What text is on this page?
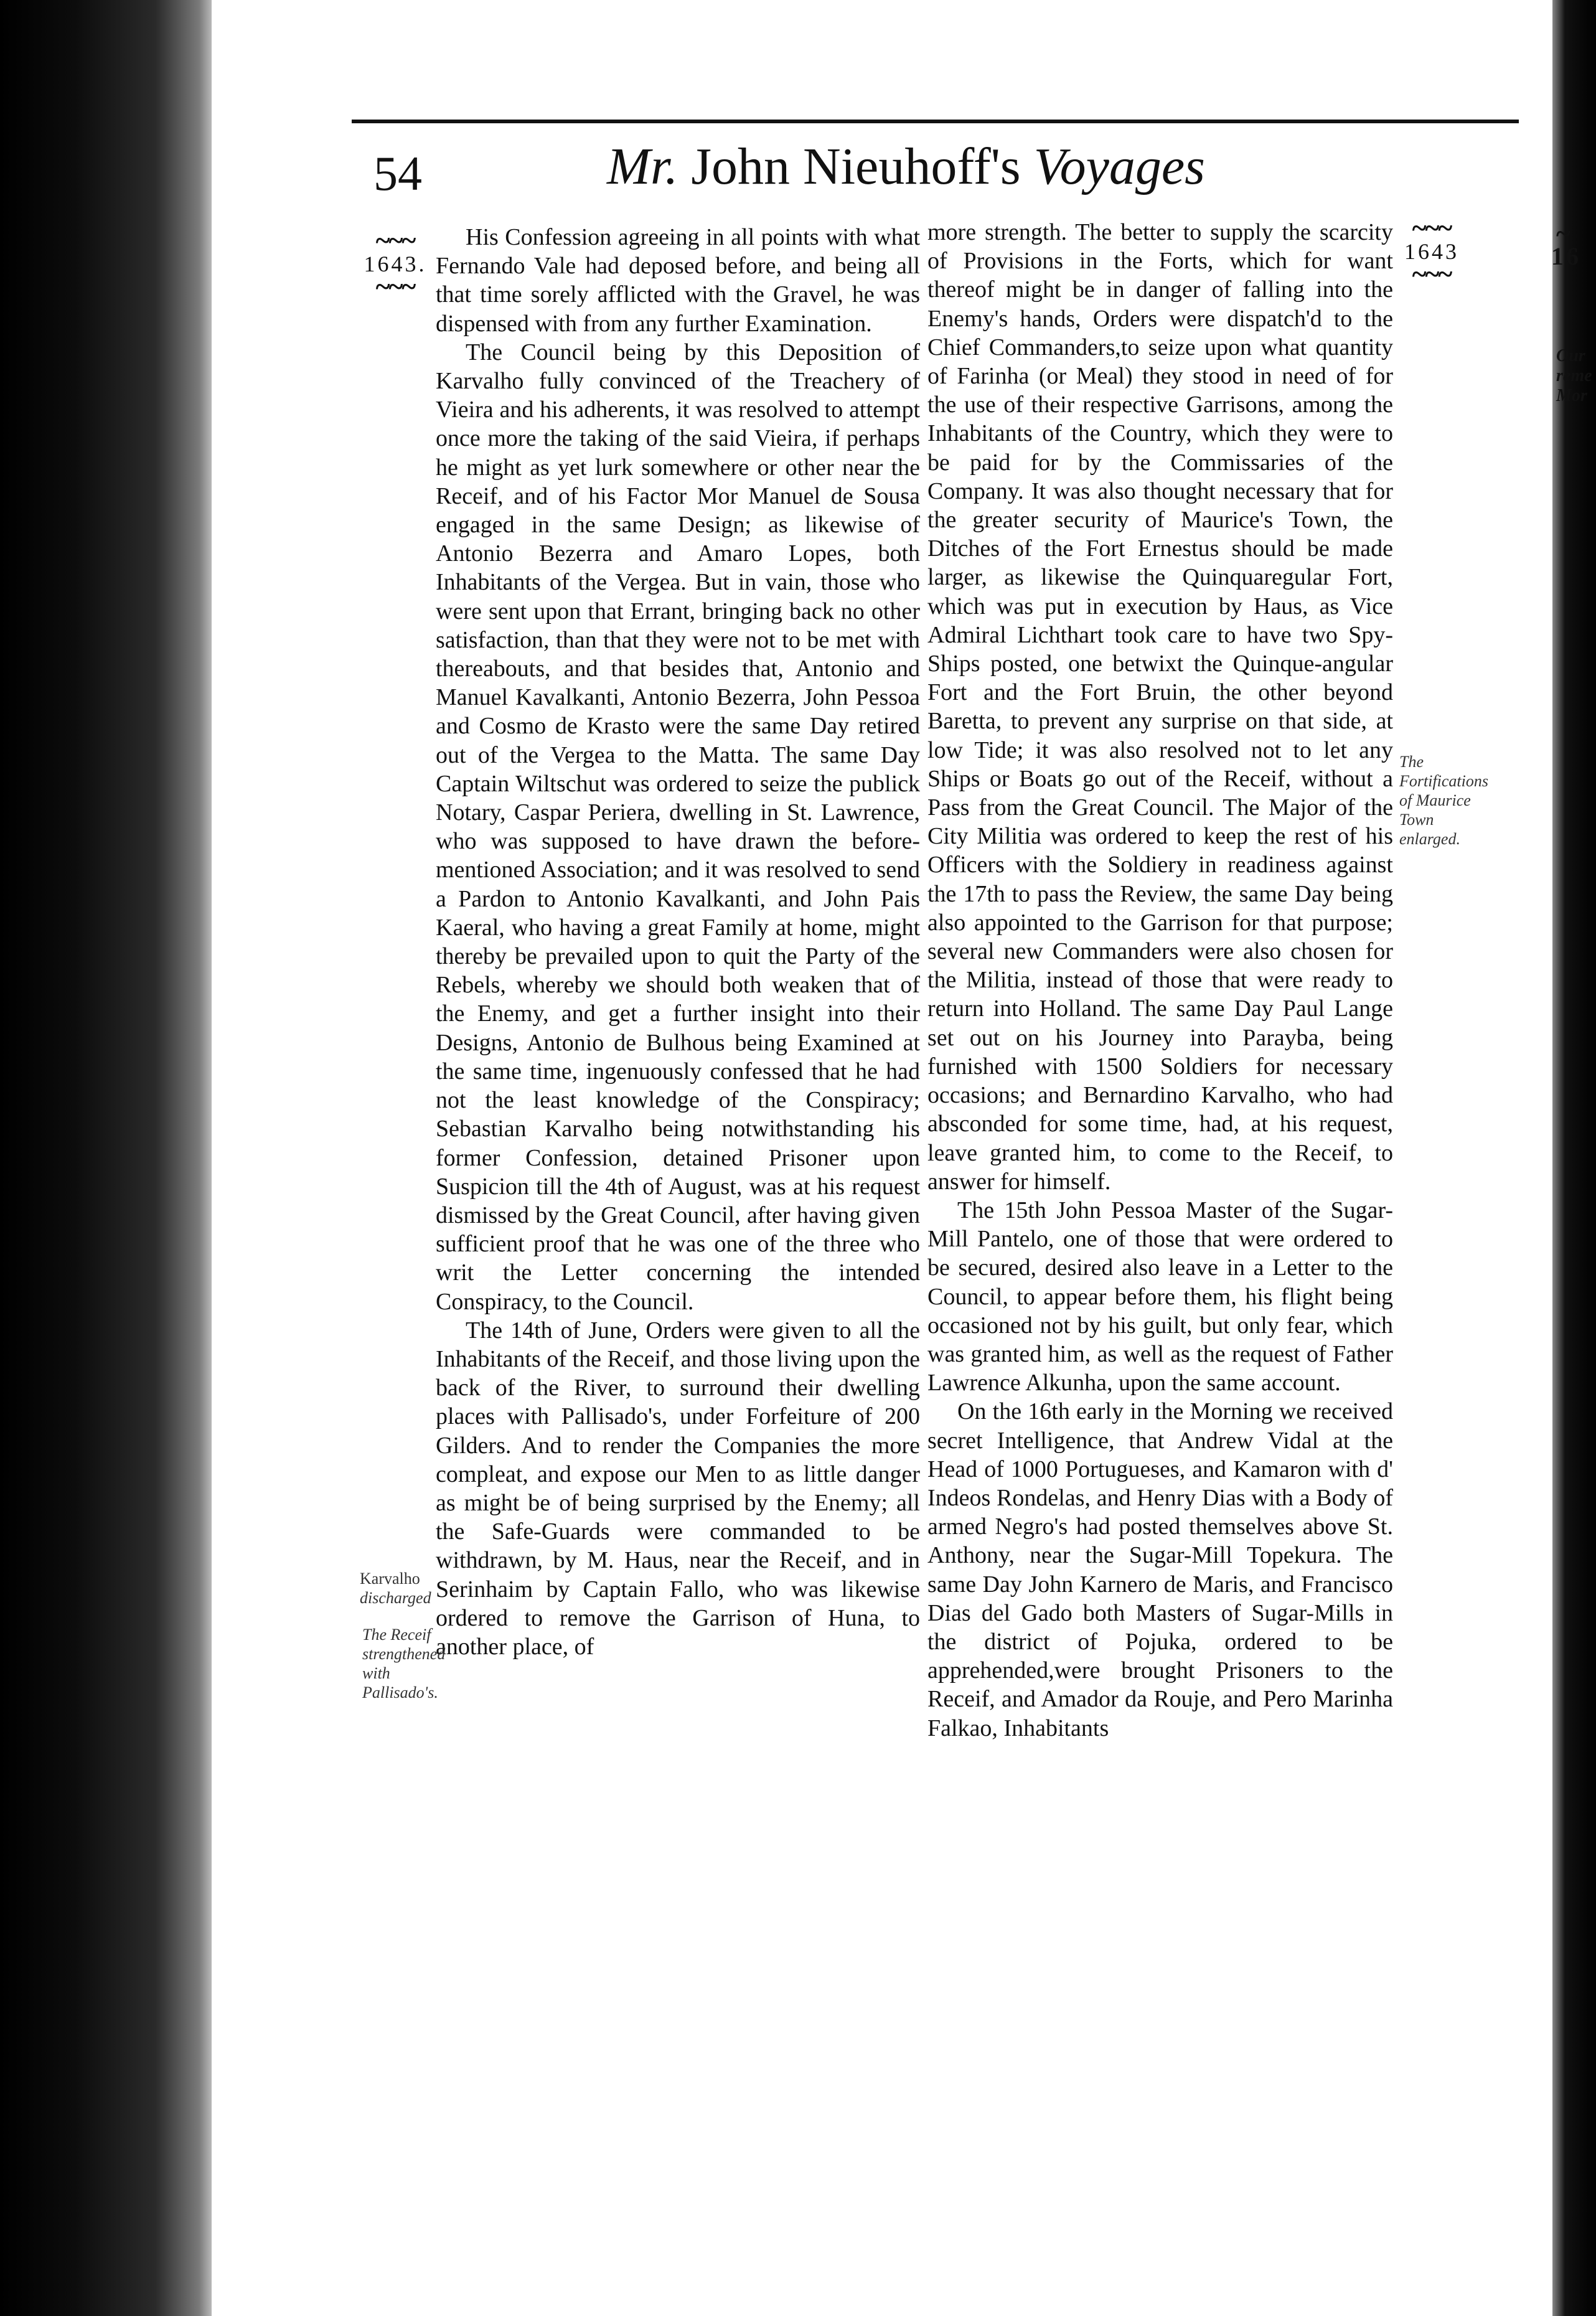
54	Mr. John Nieuhoff's Voyages
~~~
1643.
~~~
~~~
1643
~~~

His Confession agreeing in all points with what Fernando Vale had deposed before, and being all that time sorely afflicted with the Gravel, he was dispensed with from any further Examination.

The Council being by this Deposition of Karvalho fully convinced of the Treachery of Vieira and his adherents, it was resolved to attempt once more the taking of the said Vieira, if perhaps he might as yet lurk somewhere or other near the Receif, and of his Factor Mor Manuel de Sousa engaged in the same Design; as likewise of Antonio Bezerra and Amaro Lopes, both Inhabitants of the Vergea. But in vain, those who were sent upon that Errant, bringing back no other satisfaction, than that they were not to be met with thereabouts, and that besides that, Antonio and Manuel Kavalkanti, Antonio Bezerra, John Pessoa and Cosmo de Krasto were the same Day retired out of the Vergea to the Matta. The same Day Captain Wiltschut was ordered to seize the publick Notary, Caspar Periera, dwelling in St. Lawrence, who was supposed to have drawn the before-mentioned Association; and it was resolved to send a Pardon to Antonio Kavalkanti, and John Pais Kaeral, who having a great Family at home, might thereby be prevailed upon to quit the Party of the Rebels, whereby we should both weaken that of the Enemy, and get a further insight into their Designs, Antonio de Bulhous being Examined at the same time, ingenuously confessed that he had not the least knowledge of the Conspiracy; Sebastian Karvalho being notwithstanding his former Confession, detained Prisoner upon Suspicion till the 4th of August, was at his request dismissed by the Great Council, after having given sufficient proof that he was one of the three who writ the Letter concerning the intended Conspiracy, to the Council.

The 14th of June, Orders were given to all the Inhabitants of the Receif, and those living upon the back of the River, to surround their dwelling places with Pallisado's, under Forfeiture of 200 Gilders. And to render the Companies the more compleat, and expose our Men to as little danger as might be of being surprised by the Enemy; all the Safe-Guards were commanded to be withdrawn, by M. Haus, near the Receif, and in Serinhaim by Captain Fallo, who was likewise ordered to remove the Garrison of Huna, to another place, of

more strength. The better to supply the scarcity of Provisions in the Forts, which for want thereof might be in danger of falling into the Enemy's hands, Orders were dispatch'd to the Chief Commanders,to seize upon what quantity of Farinha (or Meal) they stood in need of for the use of their respective Garrisons, among the Inhabitants of the Country, which they were to be paid for by the Commissaries of the Company. It was also thought necessary that for the greater security of Maurice's Town, the Ditches of the Fort Ernestus should be made larger, as likewise the Quinquaregular Fort, which was put in execution by Haus, as Vice Admiral Lichthart took care to have two Spy-Ships posted, one betwixt the Quinque-angular Fort and the Fort Bruin, the other beyond Baretta, to prevent any surprise on that side, at low Tide; it was also resolved not to let any Ships or Boats go out of the Receif, without a Pass from the Great Council. The Major of the City Militia was ordered to keep the rest of his Officers with the Soldiery in readiness against the 17th to pass the Review, the same Day being also appointed to the Garrison for that purpose; several new Commanders were also chosen for the Militia, instead of those that were ready to return into Holland. The same Day Paul Lange set out on his Journey into Parayba, being furnished with 1500 Soldiers for necessary occasions; and Bernardino Karvalho, who had absconded for some time, had, at his request, leave granted him, to come to the Receif, to answer for himself.

The 15th John Pessoa Master of the Sugar-Mill Pantelo, one of those that were ordered to be secured, desired also leave in a Letter to the Council, to appear before them, his flight being occasioned not by his guilt, but only fear, which was granted him, as well as the request of Father Lawrence Alkunha, upon the same account.

On the 16th early in the Morning we received secret Intelligence, that Andrew Vidal at the Head of 1000 Portugueses, and Kamaron with d' Indeos Rondelas, and Henry Dias with a Body of armed Negro's had posted themselves above St. Anthony, near the Sugar-Mill Topekura. The same Day John Karnero de Maris, and Francisco Dias del Gado both Masters of Sugar-Mills in the district of Pojuka, ordered to be apprehended,were brought Prisoners to the Receif, and Amador da Rouje, and Pero Marinha Falkao, Inhabitants

Karvalho
discharged
The Receif strengthened with Pallisado's.
The Fortifications of Maurice Town enlarged.
~
16
Our reme Mor
